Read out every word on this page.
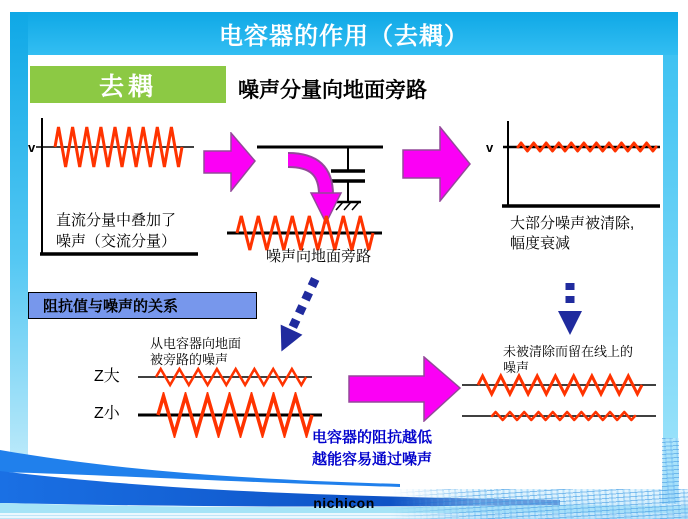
电容器的作用（去耦）
去耦	噪声分量向地面旁路
v
直流分量中叠加了
噪声（交流分量）
噪声向地面旁路
v
大部分噪声被清除,
幅度衰减
阻抗值与噪声的关系
从电容器向地面
被旁路的噪声
Z大
Z小
电容器的阻抗越低
越能容易通过噪声
未被清除而留在线上的
噪声
nichicon
